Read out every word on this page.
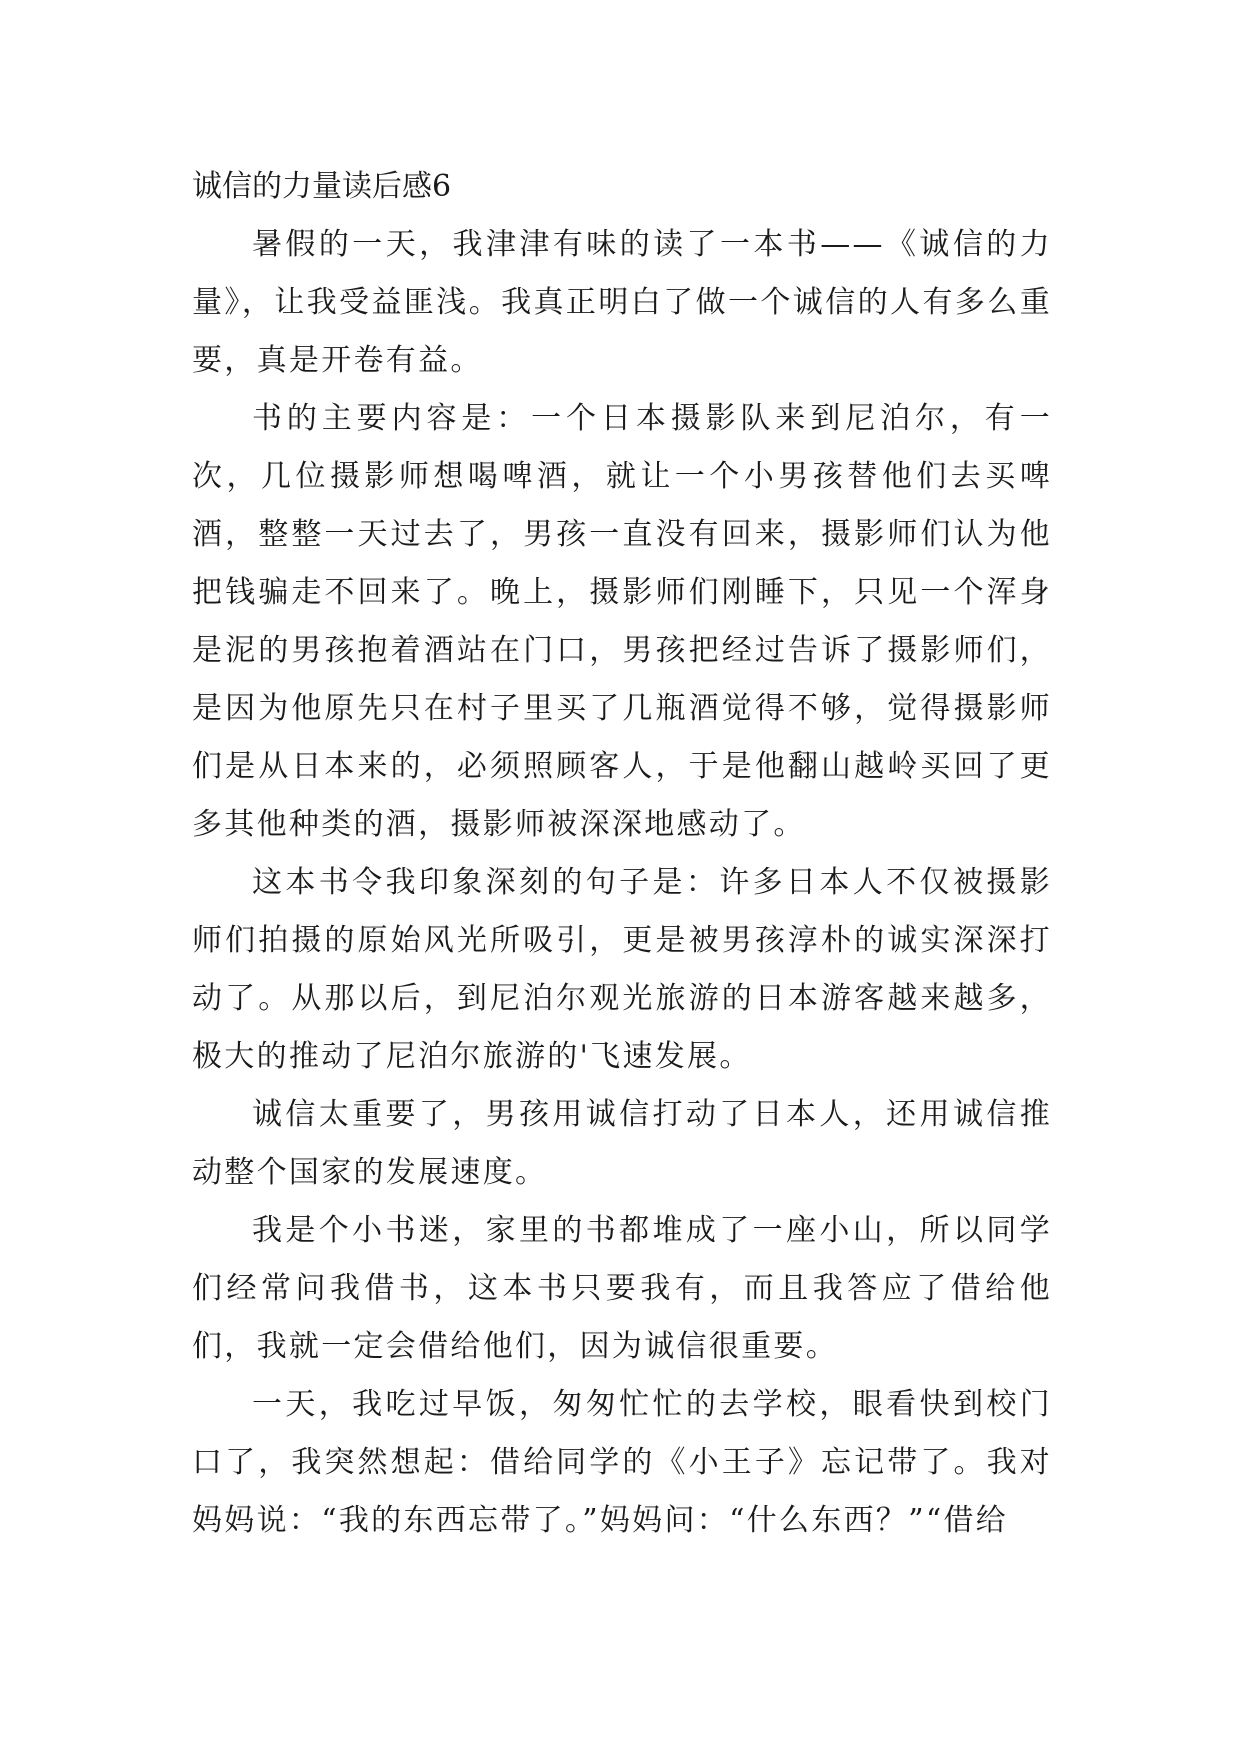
诚信的力量读后感6

暑假的一天，我津津有味的读了一本书——《诚信的力量》，让我受益匪浅。我真正明白了做一个诚信的人有多么重要，真是开卷有益。

书的主要内容是：一个日本摄影队来到尼泊尔，有一次，几位摄影师想喝啤酒，就让一个小男孩替他们去买啤酒，整整一天过去了，男孩一直没有回来，摄影师们认为他把钱骗走不回来了。晚上，摄影师们刚睡下，只见一个浑身是泥的男孩抱着酒站在门口，男孩把经过告诉了摄影师们，是因为他原先只在村子里买了几瓶酒觉得不够，觉得摄影师们是从日本来的，必须照顾客人，于是他翻山越岭买回了更多其他种类的酒，摄影师被深深地感动了。

这本书令我印象深刻的句子是：许多日本人不仅被摄影师们拍摄的原始风光所吸引，更是被男孩淳朴的诚实深深打动了。从那以后，到尼泊尔观光旅游的日本游客越来越多，极大的推动了尼泊尔旅游的'飞速发展。

诚信太重要了，男孩用诚信打动了日本人，还用诚信推动整个国家的发展速度。

我是个小书迷，家里的书都堆成了一座小山，所以同学们经常问我借书，这本书只要我有，而且我答应了借给他们，我就一定会借给他们，因为诚信很重要。

一天，我吃过早饭，匆匆忙忙的去学校，眼看快到校门口了，我突然想起：借给同学的《小王子》忘记带了。我对妈妈说：“我的东西忘带了。”妈妈问：“什么东西？”“借给
